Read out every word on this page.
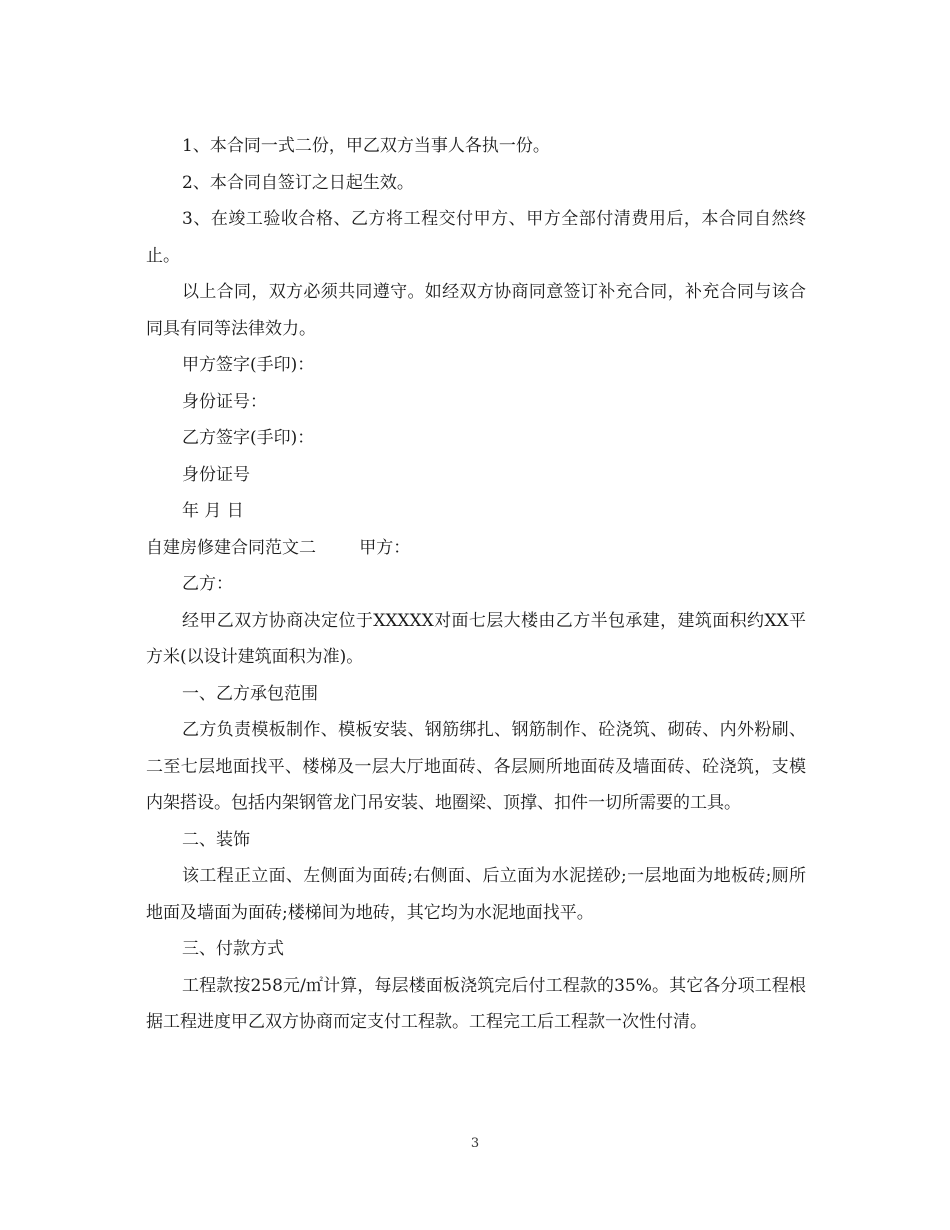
1、本合同一式二份，甲乙双方当事人各执一份。

2、本合同自签订之日起生效。

3、在竣工验收合格、乙方将工程交付甲方、甲方全部付清费用后，本合同自然终止。

以上合同，双方必须共同遵守。如经双方协商同意签订补充合同，补充合同与该合同具有同等法律效力。

甲方签字(手印)：

身份证号：

乙方签字(手印)：

身份证号

年 月 日

自建房修建合同范文二	甲方：

乙方：

经甲乙双方协商决定位于XXXXX对面七层大楼由乙方半包承建，建筑面积约XX平方米(以设计建筑面积为准)。

一、乙方承包范围

乙方负责模板制作、模板安装、钢筋绑扎、钢筋制作、砼浇筑、砌砖、内外粉刷、二至七层地面找平、楼梯及一层大厅地面砖、各层厕所地面砖及墙面砖、砼浇筑，支模内架搭设。包括内架钢管龙门吊安装、地圈梁、顶撑、扣件一切所需要的工具。

二、装饰

该工程正立面、左侧面为面砖;右侧面、后立面为水泥搓砂;一层地面为地板砖;厕所地面及墙面为面砖;楼梯间为地砖，其它均为水泥地面找平。

三、付款方式

工程款按258元/㎡计算，每层楼面板浇筑完后付工程款的35%。其它各分项工程根据工程进度甲乙双方协商而定支付工程款。工程完工后工程款一次性付清。

3
